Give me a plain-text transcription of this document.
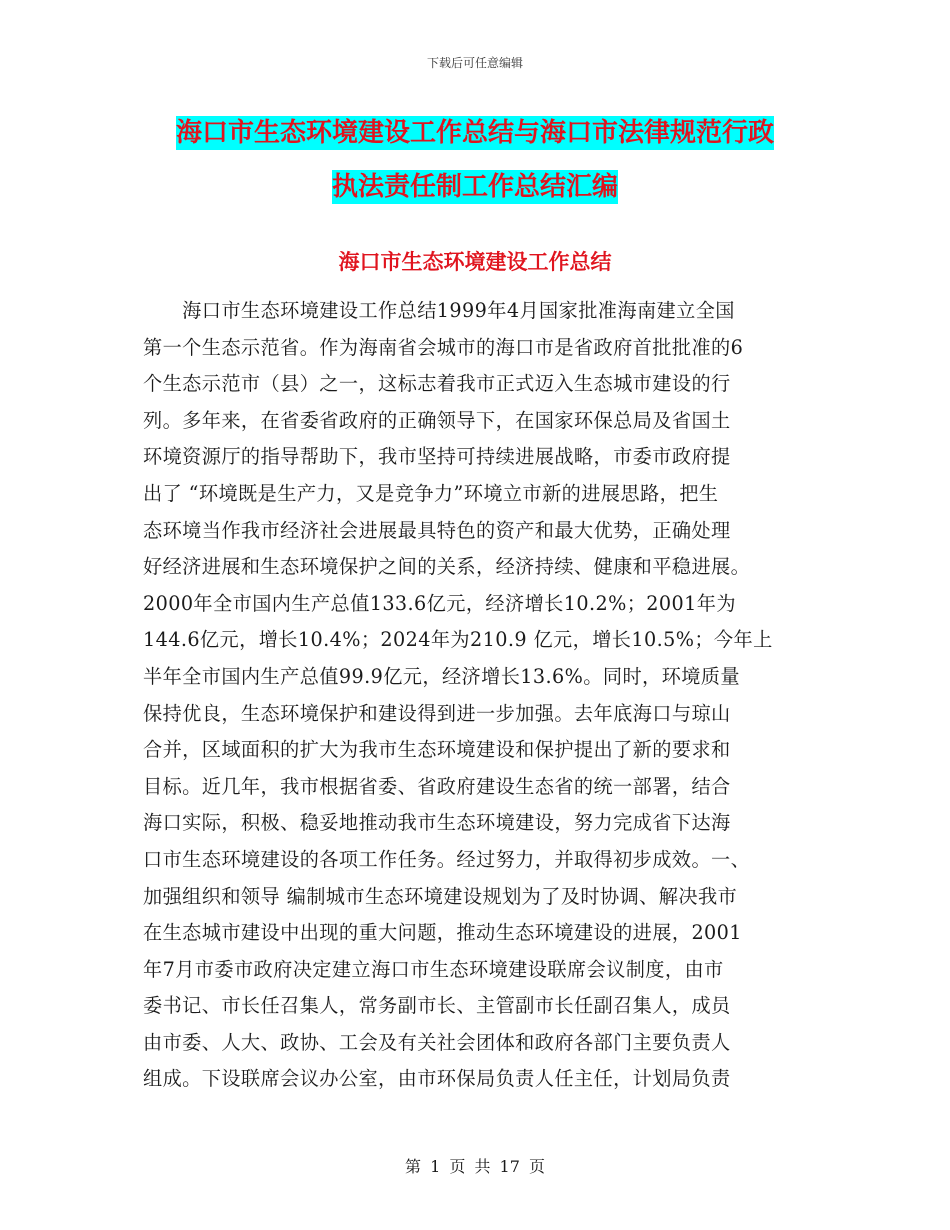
下载后可任意编辑
海口市生态环境建设工作总结与海口市法律规范行政
执法责任制工作总结汇编
海口市生态环境建设工作总结
　　海口市生态环境建设工作总结1999年4月国家批准海南建立全国
第一个生态示范省。作为海南省会城市的海口市是省政府首批批准的6
个生态示范市（县）之一，这标志着我市正式迈入生态城市建设的行
列。多年来，在省委省政府的正确领导下，在国家环保总局及省国土
环境资源厅的指导帮助下，我市坚持可持续进展战略，市委市政府提
出了 “环境既是生产力，又是竞争力”环境立市新的进展思路，把生
态环境当作我市经济社会进展最具特色的资产和最大优势，正确处理
好经济进展和生态环境保护之间的关系，经济持续、健康和平稳进展。
2000年全市国内生产总值133.6亿元，经济增长10.2%；2001年为
144.6亿元，增长10.4%；2024年为210.9 亿元，增长10.5%；今年上
半年全市国内生产总值99.9亿元，经济增长13.6%。同时，环境质量
保持优良，生态环境保护和建设得到进一步加强。去年底海口与琼山
合并，区域面积的扩大为我市生态环境建设和保护提出了新的要求和
目标。近几年，我市根据省委、省政府建设生态省的统一部署，结合
海口实际，积极、稳妥地推动我市生态环境建设，努力完成省下达海
口市生态环境建设的各项工作任务。经过努力，并取得初步成效。一、
加强组织和领导 编制城市生态环境建设规划为了及时协调、解决我市
在生态城市建设中出现的重大问题，推动生态环境建设的进展，2001
年7月市委市政府决定建立海口市生态环境建设联席会议制度，由市
委书记、市长任召集人，常务副市长、主管副市长任副召集人，成员
由市委、人大、政协、工会及有关社会团体和政府各部门主要负责人
组成。下设联席会议办公室，由市环保局负责人任主任，计划局负责
第 1 页 共 17 页
